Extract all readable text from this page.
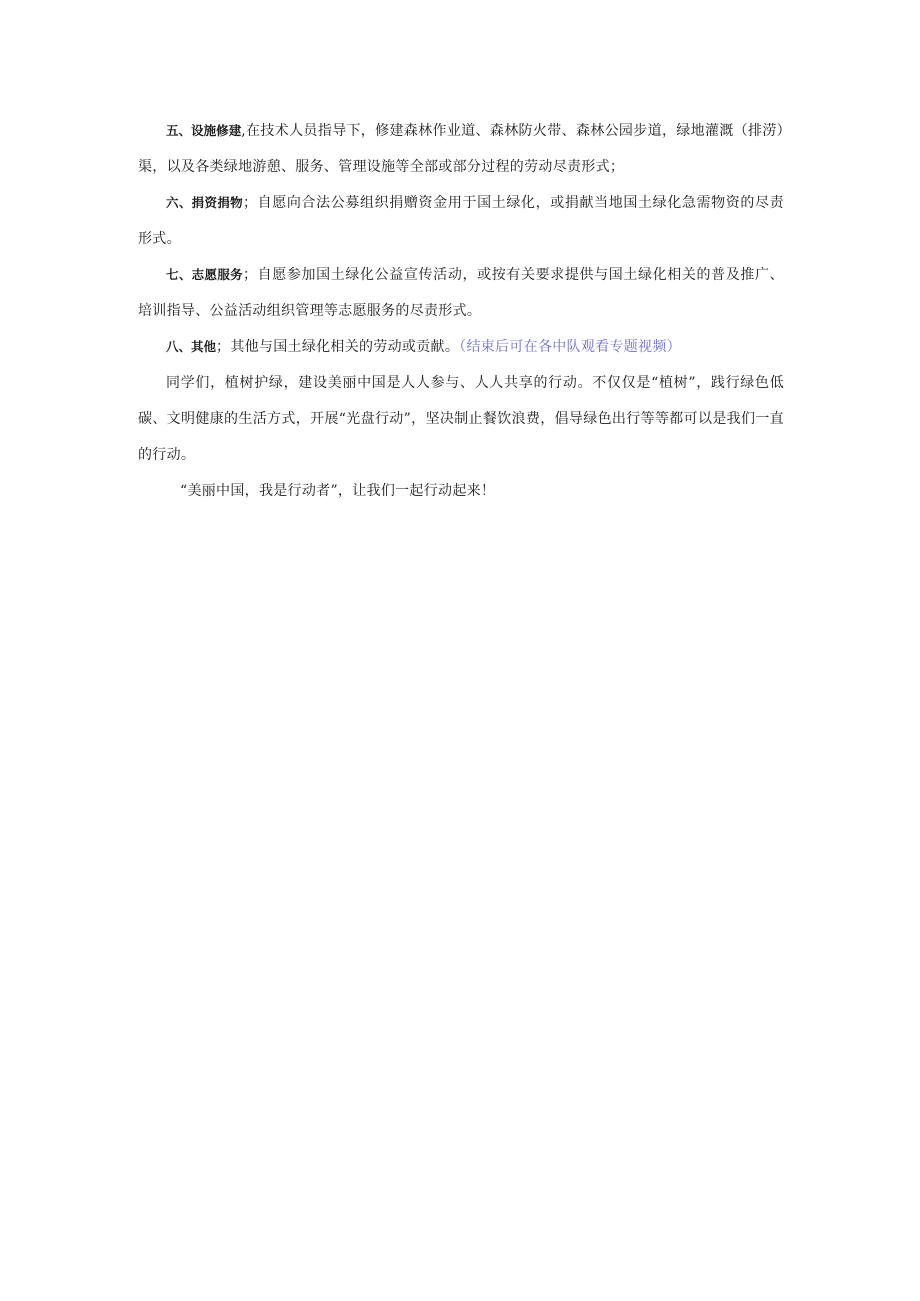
五、设施修建,在技术人员指导下，修建森林作业道、森林防火带、森林公园步道，绿地灌溉（排涝）渠，以及各类绿地游憩、服务、管理设施等全部或部分过程的劳动尽责形式；

六、捐资捐物；自愿向合法公募组织捐赠资金用于国土绿化，或捐献当地国土绿化急需物资的尽责形式。

七、志愿服务；自愿参加国土绿化公益宣传活动，或按有关要求提供与国土绿化相关的普及推广、培训指导、公益活动组织管理等志愿服务的尽责形式。

八、其他；其他与国土绿化相关的劳动或贡献。（结束后可在各中队观看专题视频）

同学们，植树护绿，建设美丽中国是人人参与、人人共享的行动。不仅仅是“植树”，践行绿色低碳、文明健康的生活方式，开展“光盘行动”，坚决制止餐饮浪费，倡导绿色出行等等都可以是我们一直的行动。

“美丽中国，我是行动者”，让我们一起行动起来！
